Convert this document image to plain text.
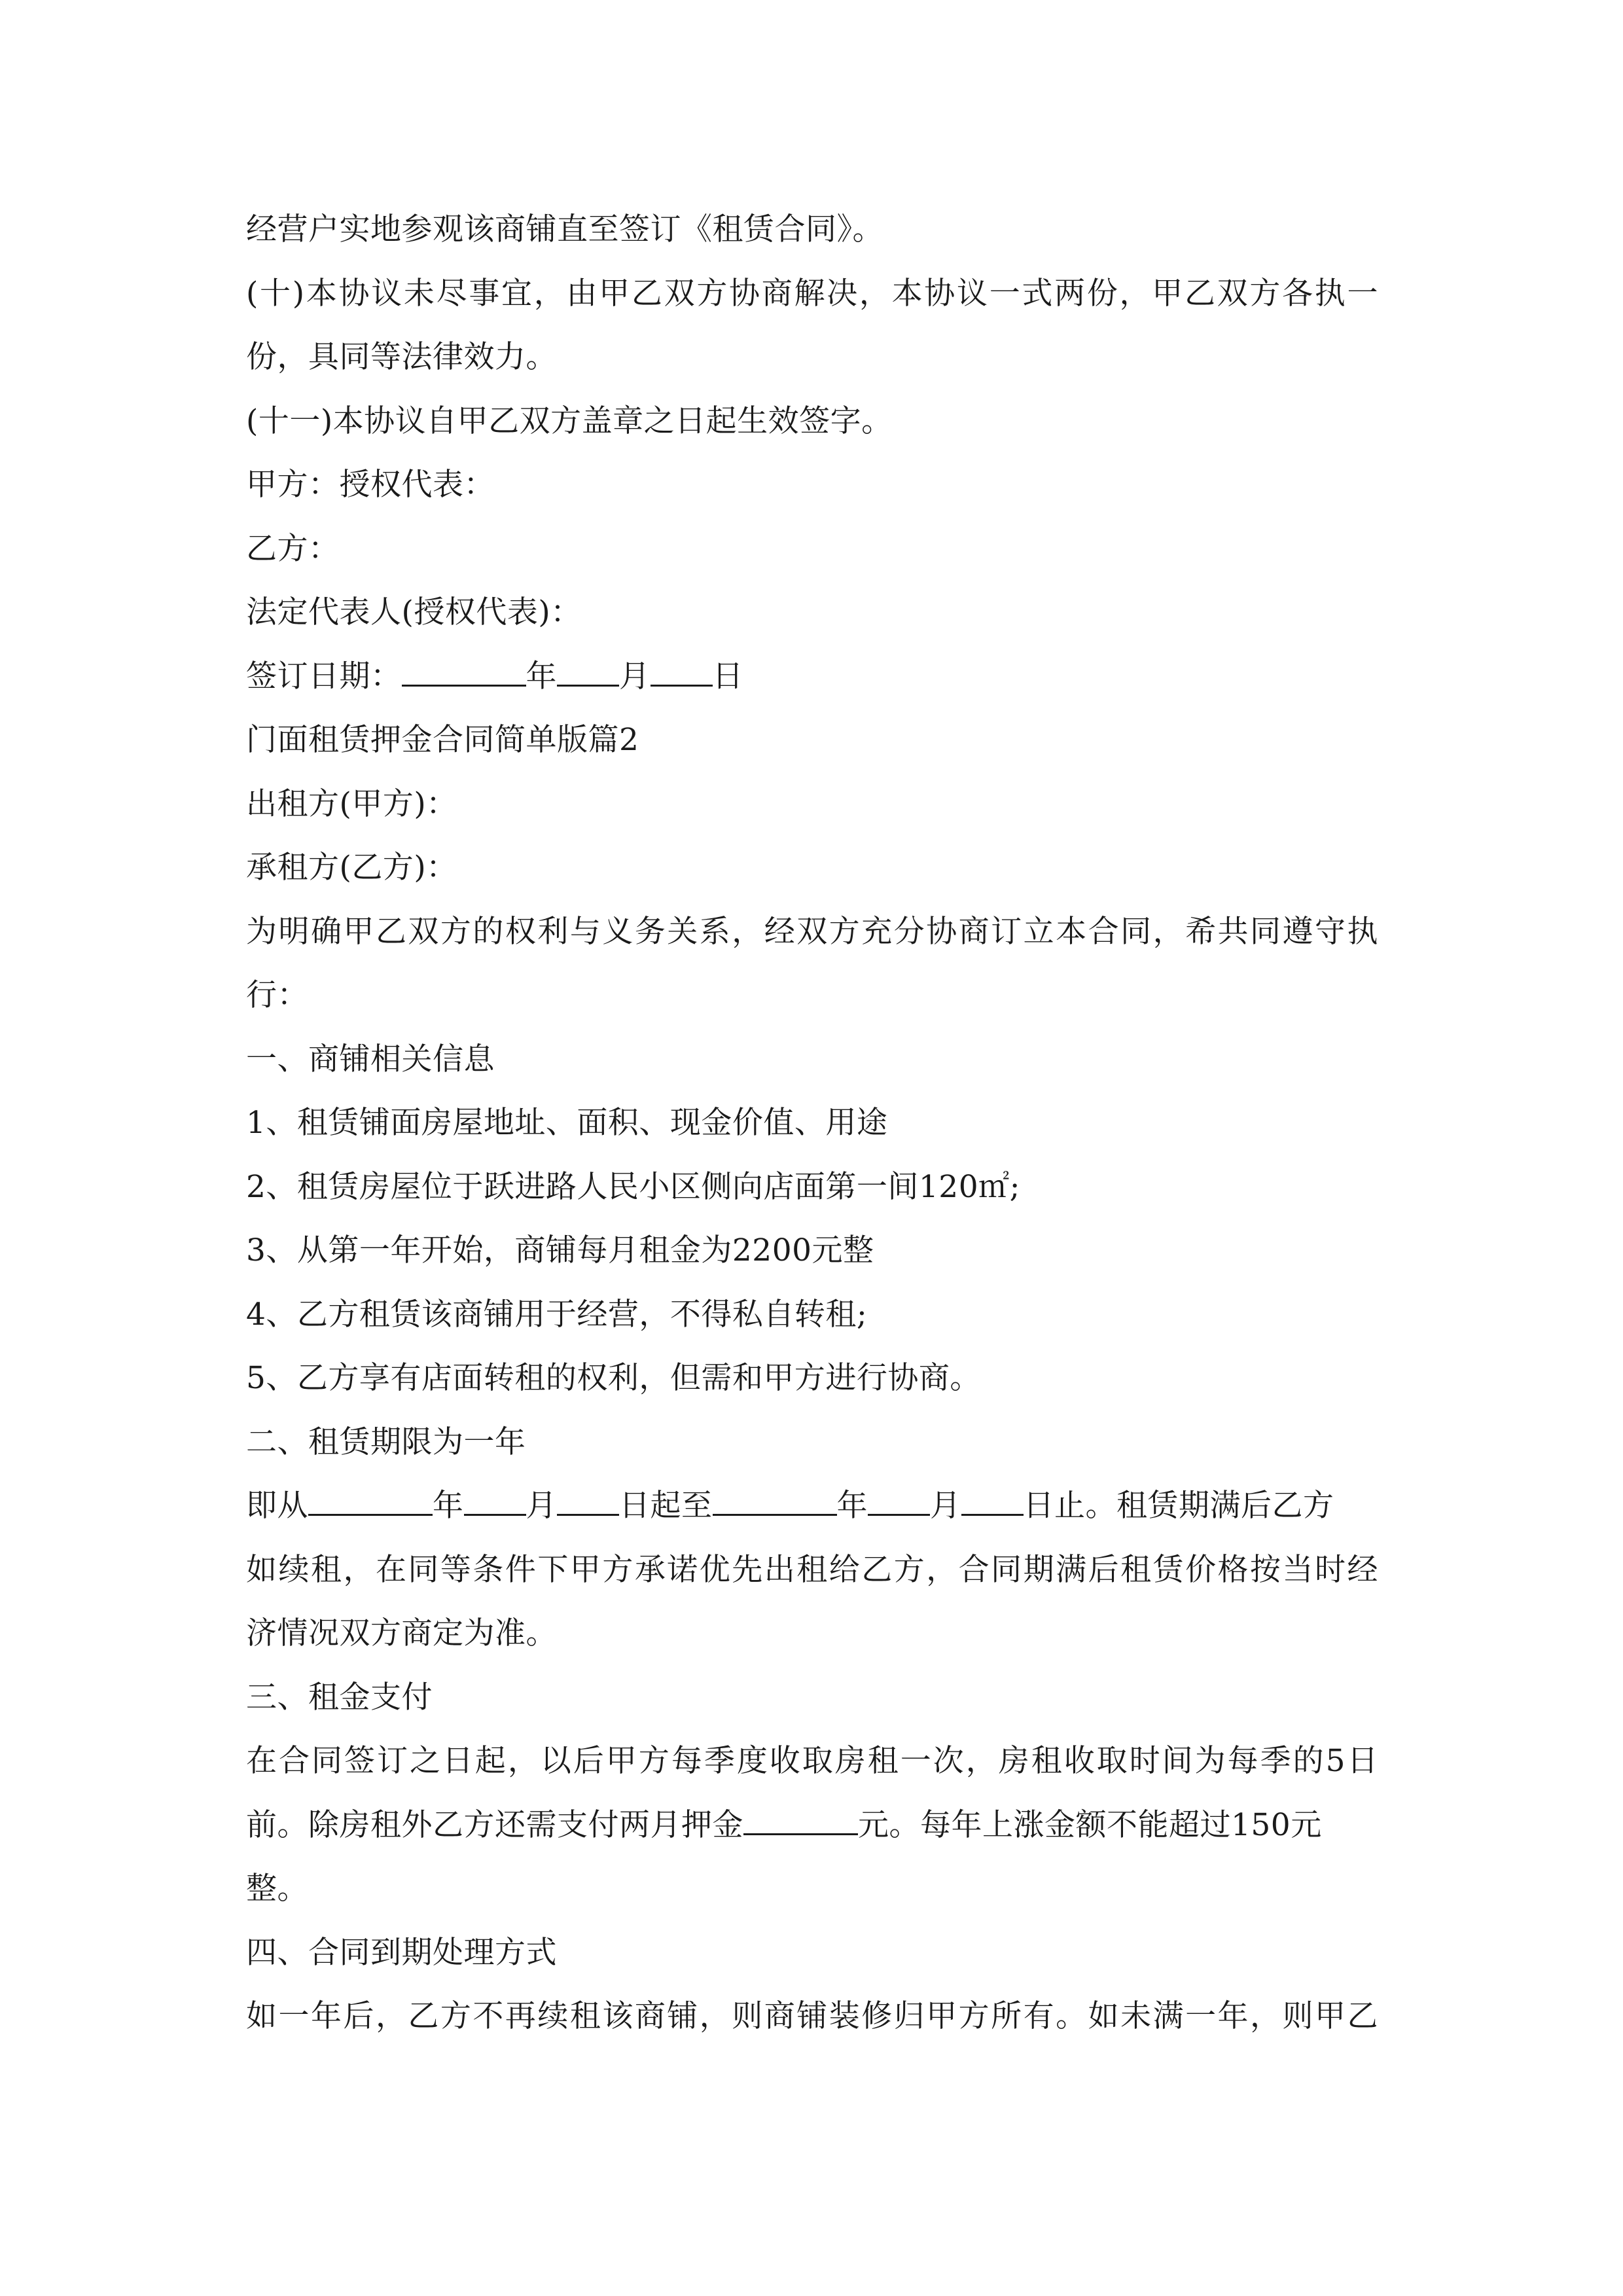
经营户实地参观该商铺直至签订《租赁合同》。
(十)本协议未尽事宜，由甲乙双方协商解决，本协议一式两份，甲乙双方各执一
份，具同等法律效力。
(十一)本协议自甲乙双方盖章之日起生效签字。
甲方：授权代表：
乙方：
法定代表人(授权代表)：
签订日期：	年 月 日
门面租赁押金合同简单版篇2
出租方(甲方)：
承租方(乙方)：
为明确甲乙双方的权利与义务关系，经双方充分协商订立本合同，希共同遵守执
行：
一、商铺相关信息
1、租赁铺面房屋地址、面积、现金价值、用途
2、租赁房屋位于跃进路人民小区侧向店面第一间120㎡;
3、从第一年开始，商铺每月租金为2200元整
4、乙方租赁该商铺用于经营，不得私自转租;
5、乙方享有店面转租的权利，但需和甲方进行协商。
二、租赁期限为一年
即从	年 月 日起至	年 月 日止。租赁期满后乙方
如续租，在同等条件下甲方承诺优先出租给乙方，合同期满后租赁价格按当时经
济情况双方商定为准。
三、租金支付
在合同签订之日起，以后甲方每季度收取房租一次，房租收取时间为每季的5日
前。除房租外乙方还需支付两月押金	元。每年上涨金额不能超过150元
整。
四、合同到期处理方式
如一年后，乙方不再续租该商铺，则商铺装修归甲方所有。如未满一年，则甲乙
